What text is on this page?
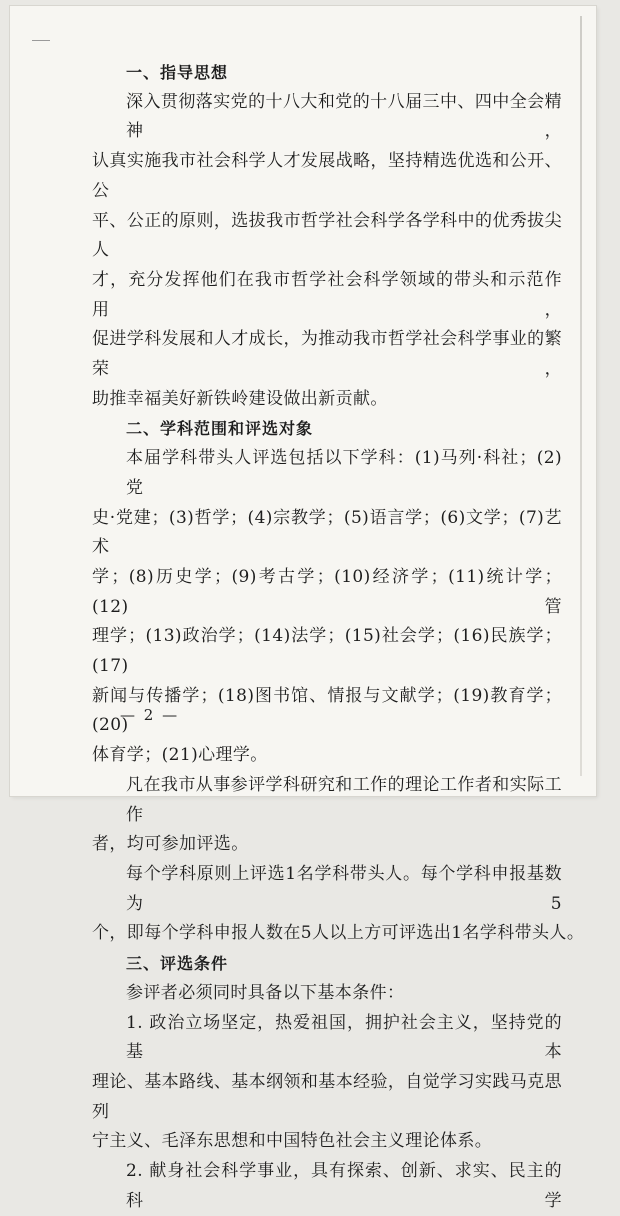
一、指导思想
深入贯彻落实党的十八大和党的十八届三中、四中全会精神，
认真实施我市社会科学人才发展战略，坚持精选优选和公开、公
平、公正的原则，选拔我市哲学社会科学各学科中的优秀拔尖人
才，充分发挥他们在我市哲学社会科学领域的带头和示范作用，
促进学科发展和人才成长，为推动我市哲学社会科学事业的繁荣，
助推幸福美好新铁岭建设做出新贡献。
二、学科范围和评选对象
本届学科带头人评选包括以下学科：(1)马列·科社；(2)党
史·党建；(3)哲学；(4)宗教学；(5)语言学；(6)文学；(7)艺术
学；(8)历史学；(9)考古学；(10)经济学；(11)统计学；(12)管
理学；(13)政治学；(14)法学；(15)社会学；(16)民族学；(17)
新闻与传播学；(18)图书馆、情报与文献学；(19)教育学；(20)
体育学；(21)心理学。
凡在我市从事参评学科研究和工作的理论工作者和实际工作
者，均可参加评选。
每个学科原则上评选1名学科带头人。每个学科申报基数为5
个，即每个学科申报人数在5人以上方可评选出1名学科带头人。
三、评选条件
参评者必须同时具备以下基本条件：
1. 政治立场坚定，热爱祖国，拥护社会主义，坚持党的基本
理论、基本路线、基本纲领和基本经验，自觉学习实践马克思列
宁主义、毛泽东思想和中国特色社会主义理论体系。
2. 献身社会科学事业，具有探索、创新、求实、民主的科学
— 2 —
